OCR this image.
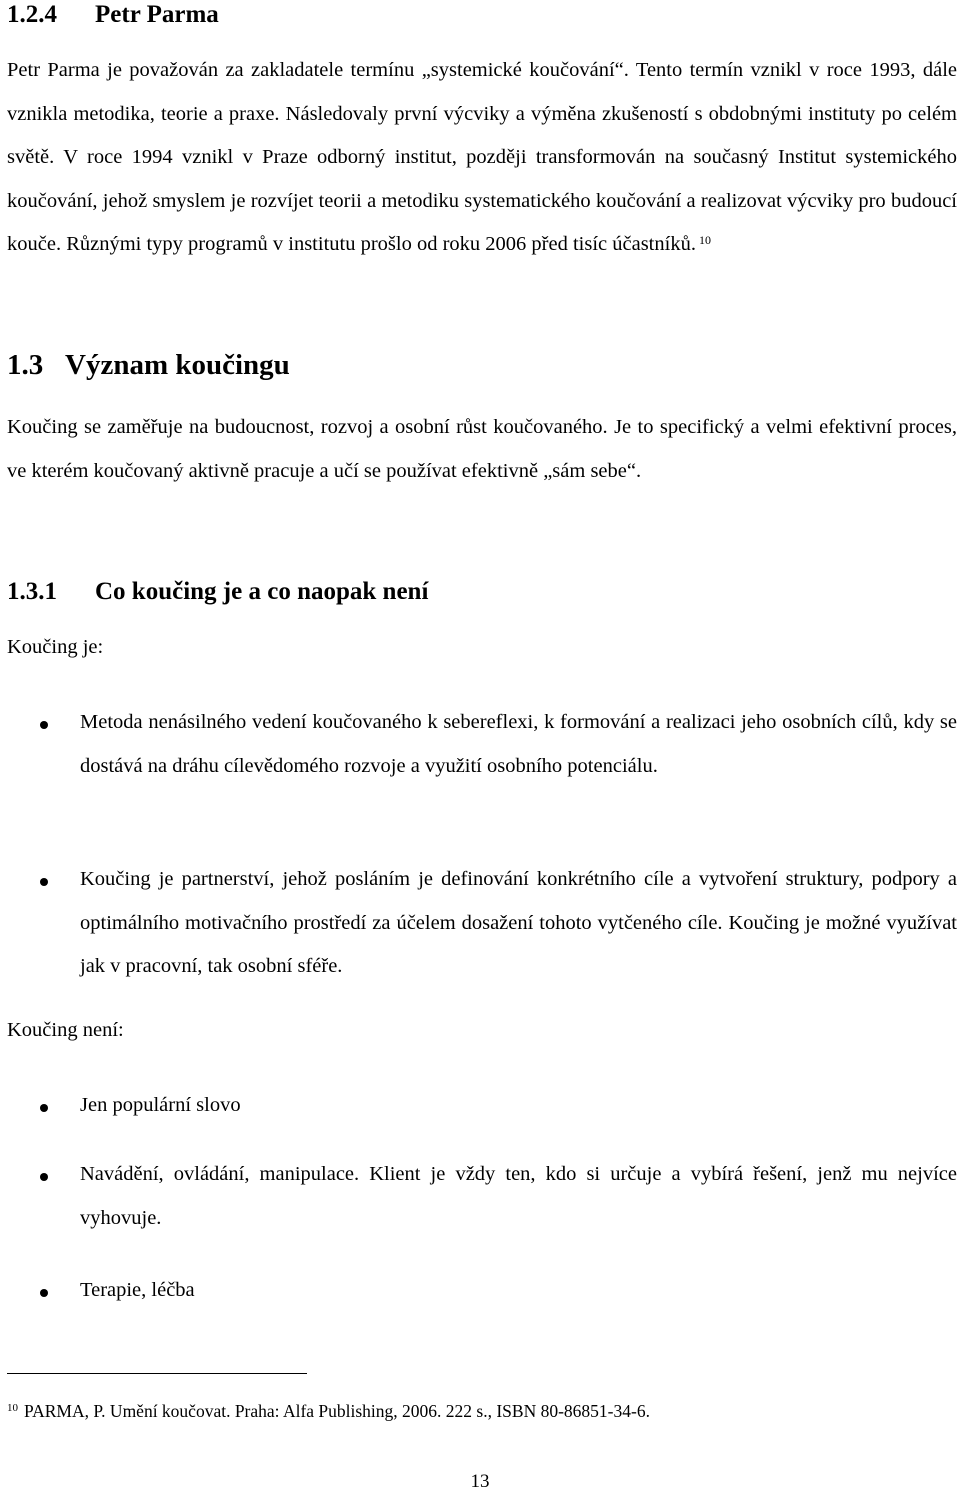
1.2.4 Petr Parma

Petr Parma je považován za zakladatele termínu „systemické koučování“. Tento termín vznikl v roce 1993, dále vznikla metodika, teorie a praxe. Následovaly první výcviky a výměna zkušeností s obdobnými instituty po celém světě. V roce 1994 vznikl v Praze odborný institut, později transformován na současný Institut systemického koučování, jehož smyslem je rozvíjet teorii a metodiku systematického koučování a realizovat výcviky pro budoucí kouče. Různými typy programů v institutu prošlo od roku 2006 před tisíc účastníků. $^{10}$

1.3 Význam koučingu

Koučing se zaměřuje na budoucnost, rozvoj a osobní růst koučovaného. Je to specifický a velmi efektivní proces, ve kterém koučovaný aktivně pracuje a učí se používat efektivně „sám sebe“.

1.3.1 Co koučing je a co naopak není

Koučing je:

Metoda nenásilného vedení koučovaného k sebereflexi, k formování a realizaci jeho osobních cílů, kdy se dostává na dráhu cílevědomého rozvoje a využití osobního potenciálu.

Koučing je partnerství, jehož posláním je definování konkrétního cíle a vytvoření struktury, podpory a optimálního motivačního prostředí za účelem dosažení tohoto vytčeného cíle. Koučing je možné využívat jak v pracovní, tak osobní sféře.

Koučing není:

Jen populární slovo

Navádění, ovládání, manipulace. Klient je vždy ten, kdo si určuje a vybírá řešení, jenž mu nejvíce vyhovuje.

Terapie, léčba

$^{10}$ PARMA, P. Umění koučovat. Praha: Alfa Publishing, 2006. 222 s., ISBN 80-86851-34-6.

13
